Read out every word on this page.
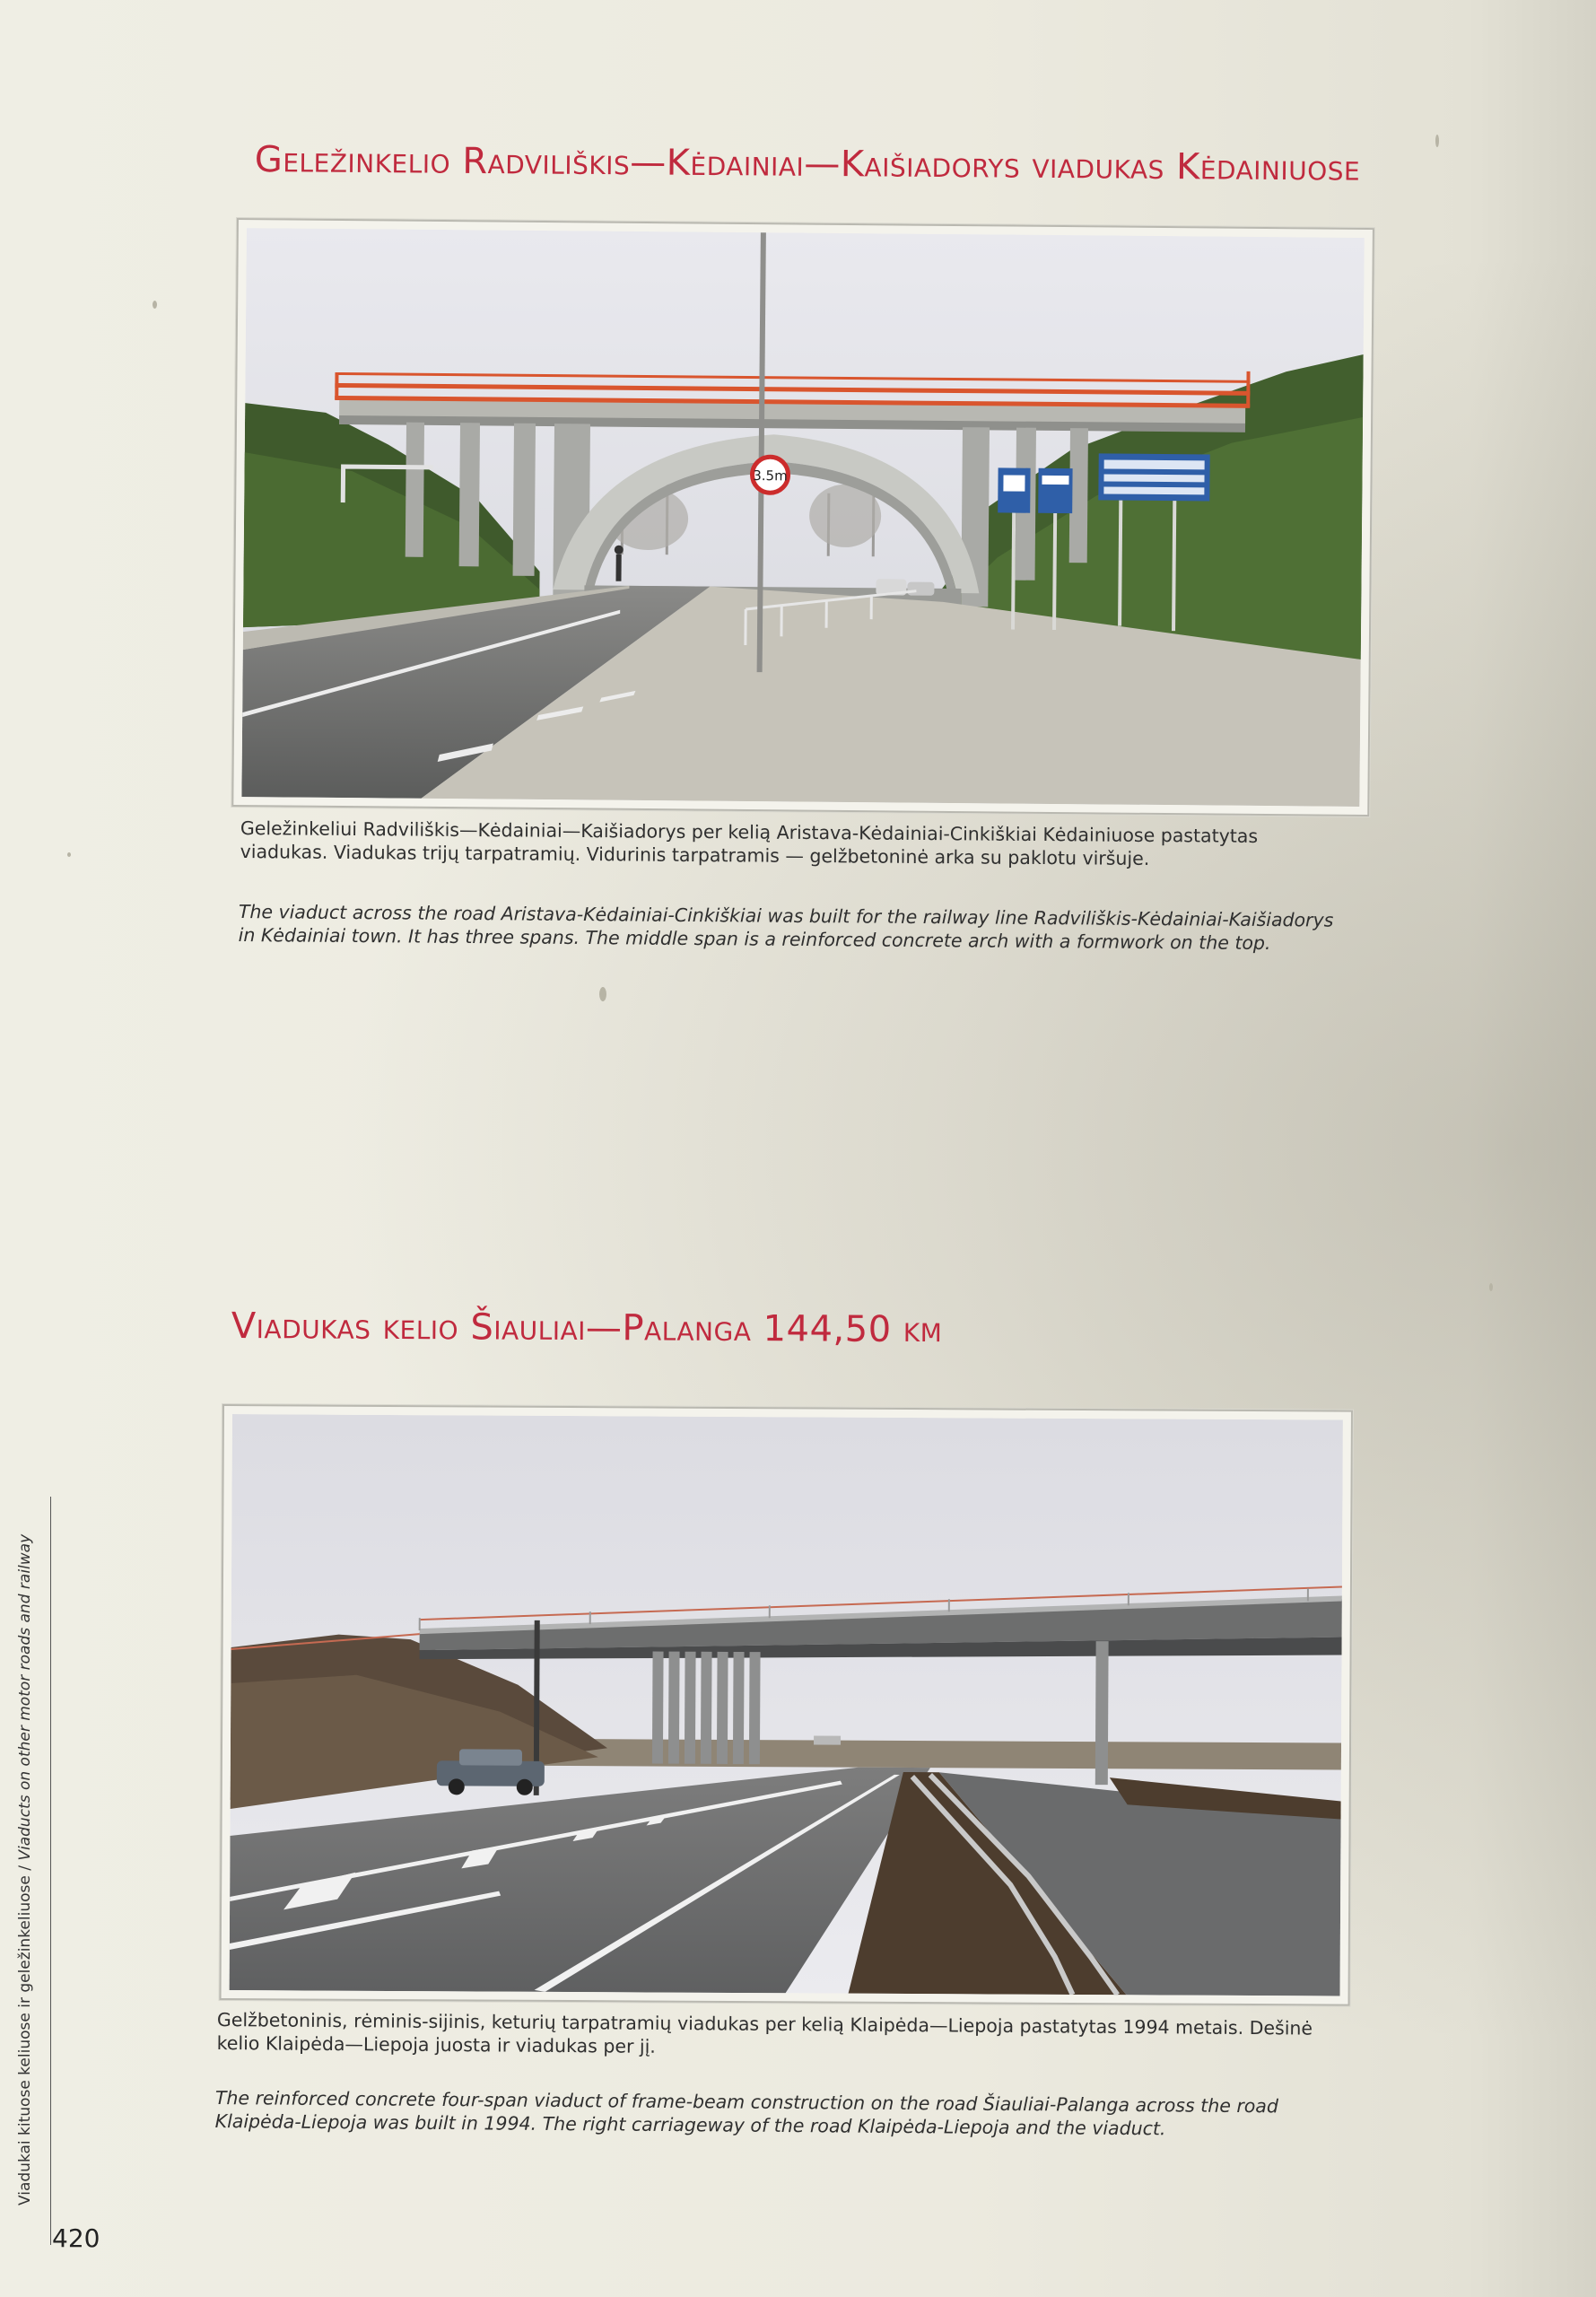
Geležinkelio Radviliškis—Kėdainiai—Kaišiadorys viadukas Kėdainiuose
3.5m

Geležinkeliui Radviliškis—Kėdainiai—Kaišiadorys per kelią Aristava-Kėdainiai-Cinkiškiai Kėdainiuose pastatytas viadukas. Viadukas trijų tarpatramių. Vidurinis tarpatramis — gelžbetoninė arka su paklotu viršuje.

The viaduct across the road Aristava-Kėdainiai-Cinkiškiai was built for the railway line Radviliškis-Kėdainiai-Kaišiadorys in Kėdainiai town. It has three spans. The middle span is a reinforced concrete arch with a formwork on the top.

Viadukas kelio Šiauliai—Palanga 144,50 km

Gelžbetoninis, rėminis-sijinis, keturių tarpatramių viadukas per kelią Klaipėda—Liepoja pastatytas 1994 metais. Dešinė kelio Klaipėda—Liepoja juosta ir viadukas per jį.

The reinforced concrete four-span viaduct of frame-beam construction on the road Šiauliai-Palanga across the road Klaipėda-Liepoja was built in 1994. The right carriageway of the road Klaipėda-Liepoja and the viaduct.

Viadukai kituose keliuose ir geležinkeliuose / Viaducts on other motor roads and railway
420
